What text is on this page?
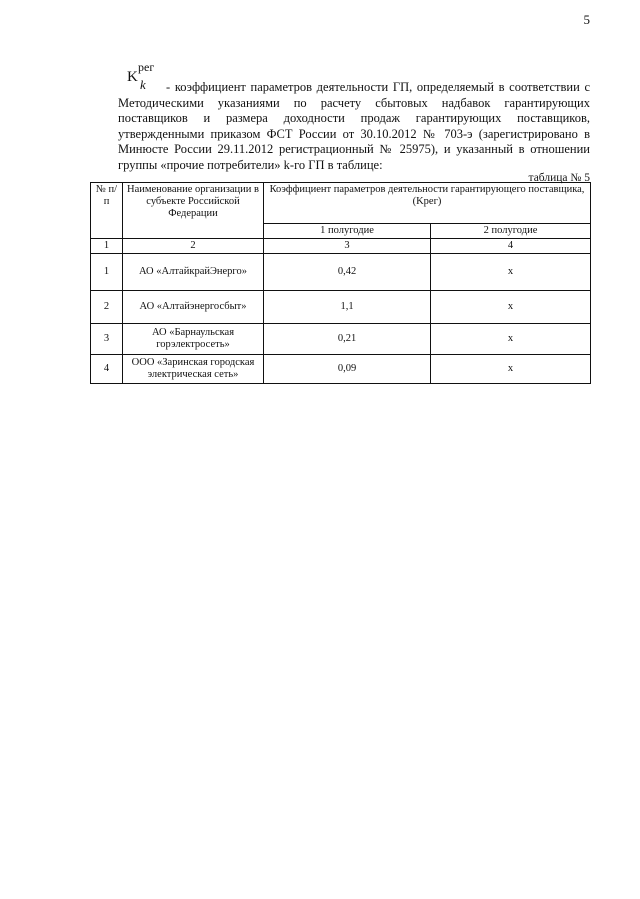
5
K
рег
k	- коэффициент параметров деятельности ГП, определяемый в соответствии с Методическими указаниями по расчету сбытовых надбавок гарантирующих поставщиков и размера доходности продаж гарантирующих поставщиков, утвержденными приказом ФСТ России от 30.10.2012 № 703-э (зарегистрировано в Минюсте России 29.11.2012 регистрационный № 25975), и указанный в отношении группы «прочие потребители» k-го ГП в таблице:

таблица № 5
№ п/п	Наименование организации в субъекте Российской Федерации	Коэффициент параметров деятельности гарантирующего поставщика, (Kрег)	
		1 полугодие	2 полугодие
1	2	3	4
1	АО «АлтайкрайЭнерго»	0,42	х
2	АО «Алтайэнергосбыт»	1,1	х
3	АО «Барнаульская горэлектросеть»	0,21	х
4	ООО «Заринская городская электрическая сеть»	0,09	х
